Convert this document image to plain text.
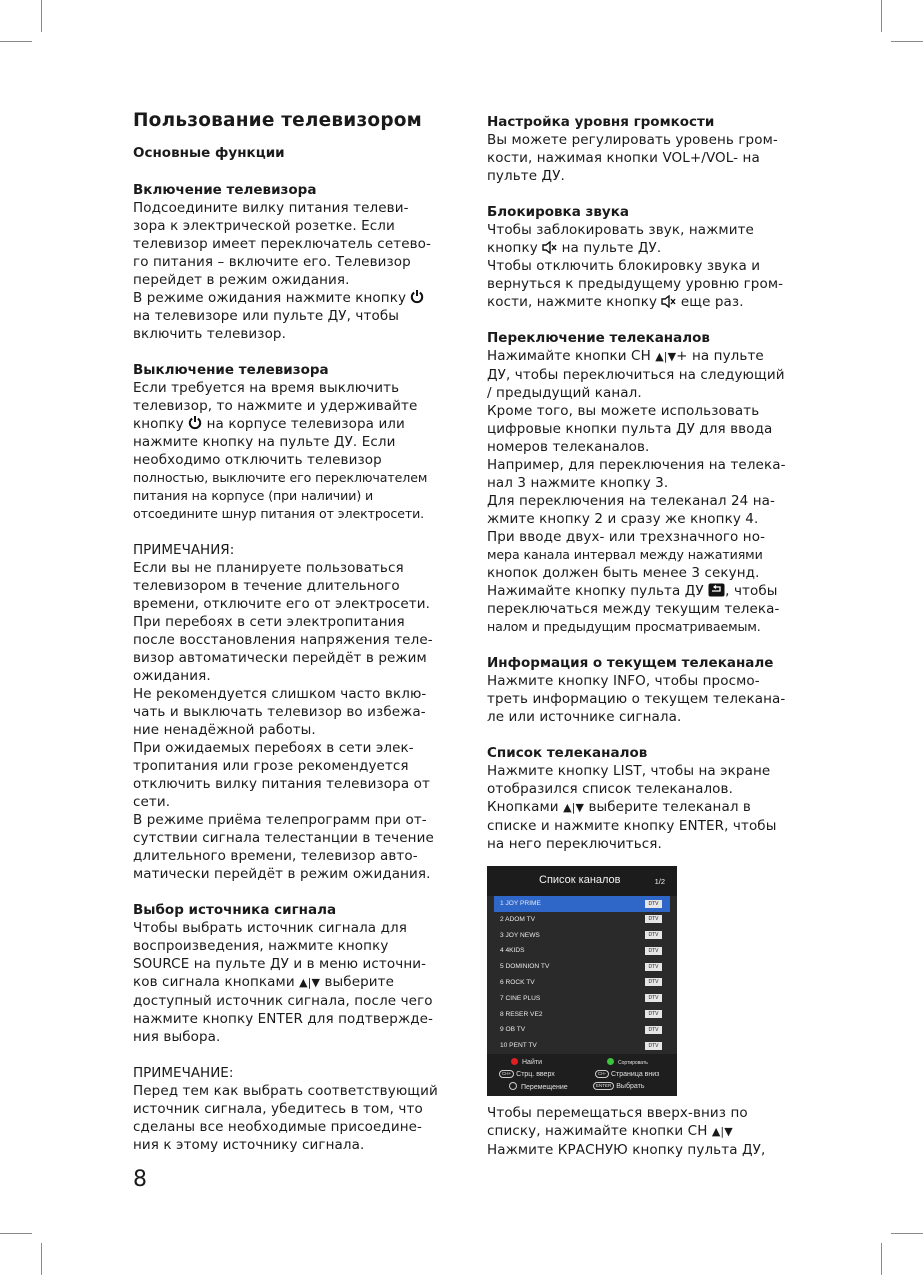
Пользование телевизором
Основные функции
Включение телевизора
Подсоедините вилку питания телеви-
зора к электрической розетке. Если
телевизор имеет переключатель сетево-
го питания – включите его. Телевизор
перейдет в режим ожидания.
В режиме ожидания нажмите кнопку
на телевизоре или пульте ДУ, чтобы
включить телевизор.
Выключение телевизора
Если требуется на время выключить
телевизор, то нажмите и удерживайте
кнопку на корпусе телевизора или
нажмите кнопку на пульте ДУ. Если
необходимо отключить телевизор
полностью, выключите его переключателем
питания на корпусе (при наличии) и
отсоедините шнур питания от электросети.
ПРИМЕЧАНИЯ:
Если вы не планируете пользоваться
телевизором в течение длительного
времени, отключите его от электросети.
При перебоях в сети электропитания
после восстановления напряжения теле-
визор автоматически перейдёт в режим
ожидания.
Не рекомендуется слишком часто вклю-
чать и выключать телевизор во избежа-
ние ненадёжной работы.
При ожидаемых перебоях в сети элек-
тропитания или грозе рекомендуется
отключить вилку питания телевизора от
сети.
В режиме приёма телепрограмм при от-
сутствии сигнала телестанции в течение
длительного времени, телевизор авто-
матически перейдёт в режим ожидания.
Выбор источника сигнала
Чтобы выбрать источник сигнала для
воспроизведения, нажмите кнопку
SOURCE на пульте ДУ и в меню источни-
ков сигнала кнопками ▲|▼ выберите
доступный источник сигнала, после чего
нажмите кнопку ENTER для подтвержде-
ния выбора.
ПРИМЕЧАНИЕ:
Перед тем как выбрать соответствующий
источник сигнала, убедитесь в том, что
сделаны все необходимые присоедине-
ния к этому источнику сигнала.
Настройка уровня громкости
Вы можете регулировать уровень гром-
кости, нажимая кнопки VOL+/VOL- на
пульте ДУ.
Блокировка звука
Чтобы заблокировать звук, нажмите
кнопку на пульте ДУ.
Чтобы отключить блокировку звука и
вернуться к предыдущему уровню гром-
кости, нажмите кнопку еще раз.
Переключение телеканалов
Нажимайте кнопки CH ▲|▼+ на пульте
ДУ, чтобы переключиться на следующий
/ предыдущий канал.
Кроме того, вы можете использовать
цифровые кнопки пульта ДУ для ввода
номеров телеканалов.
Например, для переключения на телека-
нал 3 нажмите кнопку 3.
Для переключения на телеканал 24 на-
жмите кнопку 2 и сразу же кнопку 4.
При вводе двух- или трехзначного но-
мера канала интервал между нажатиями
кнопок должен быть менее 3 секунд.
Нажимайте кнопку пульта ДУ , чтобы
переключаться между текущим телека-
налом и предыдущим просматриваемым.
Информация о текущем телеканале
Нажмите кнопку INFO, чтобы просмо-
треть информацию о текущем телекана-
ле или источнике сигнала.
Список телеканалов
Нажмите кнопку LIST, чтобы на экране
отобразился список телеканалов.
Кнопками ▲|▼ выберите телеканал в
списке и нажмите кнопку ENTER, чтобы
на него переключиться.
Чтобы перемещаться вверх-вниз по
списку, нажимайте кнопки CH ▲|▼
Нажмите КРАСНУЮ кнопку пульта ДУ,
Список каналов	1/2
1 JOY PRIME	DTV
2 ADOM TV	DTV
3 JOY NEWS	DTV
4 4KIDS	DTV
5 DOMINION TV	DTV
6 ROCK TV	DTV
7 CINE PLUS	DTV
8 RESER VE2	DTV
9 OB TV	DTV
10 PENT TV	DTV
Найти	Сортировать
CH+ Стрц. вверх	CH- Страница вниз
Перемещение	ENTER Выбрать
8
